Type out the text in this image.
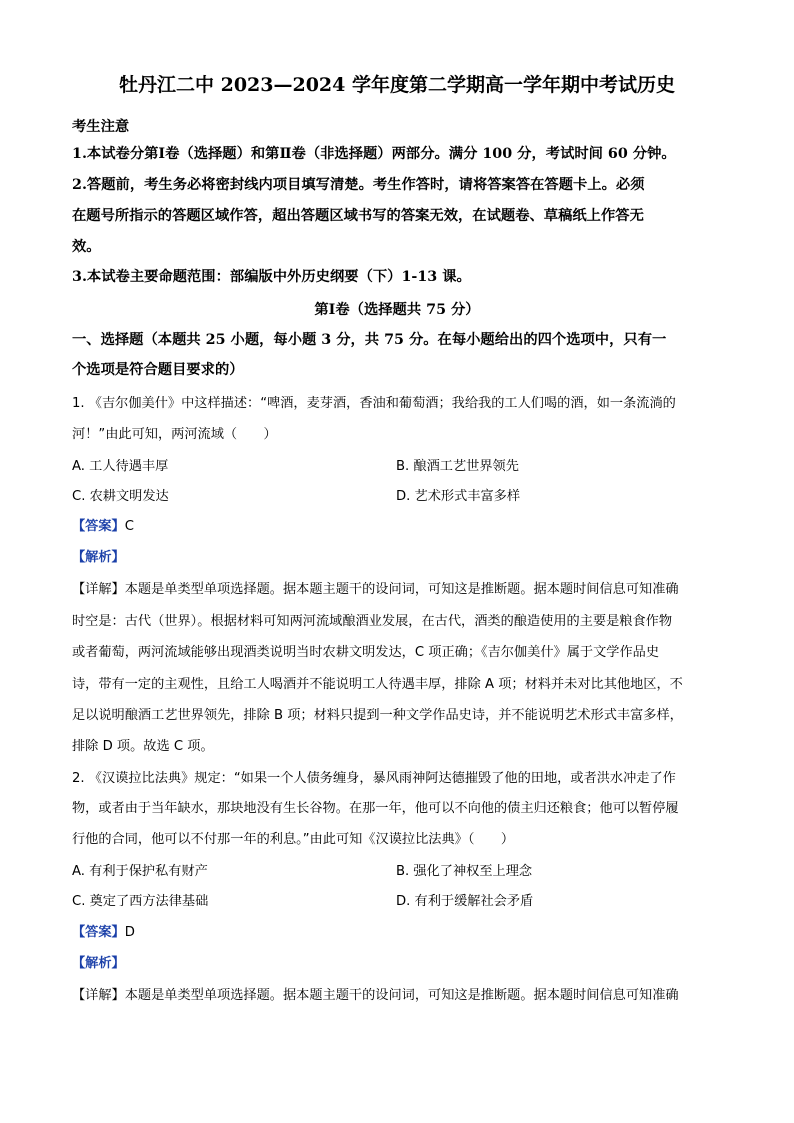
牡丹江二中 2023—2024 学年度第二学期高一学年期中考试历史
考生注意
1.本试卷分第Ⅰ卷（选择题）和第Ⅱ卷（非选择题）两部分。满分 100 分，考试时间 60 分钟。
2.答题前，考生务必将密封线内项目填写清楚。考生作答时，请将答案答在答题卡上。必须
在题号所指示的答题区域作答，超出答题区域书写的答案无效，在试题卷、草稿纸上作答无
效。
3.本试卷主要命题范围：部编版中外历史纲要（下）1-13 课。
第Ⅰ卷（选择题共 75 分）
一、选择题（本题共 25 小题，每小题 3 分，共 75 分。在每小题给出的四个选项中，只有一
个选项是符合题目要求的）
1. 《吉尔伽美什》中这样描述：“啤酒，麦芽酒，香油和葡萄酒；我给我的工人们喝的酒，如一条流淌的
河！”由此可知，两河流域（　　）
A. 工人待遇丰厚	B. 酿酒工艺世界领先
C. 农耕文明发达	D. 艺术形式丰富多样
【答案】C
【解析】
【详解】本题是单类型单项选择题。据本题主题干的设问词，可知这是推断题。据本题时间信息可知准确
时空是：古代（世界）。根据材料可知两河流域酿酒业发展，在古代，酒类的酿造使用的主要是粮食作物
或者葡萄，两河流域能够出现酒类说明当时农耕文明发达，C 项正确；《吉尔伽美什》属于文学作品史
诗，带有一定的主观性，且给工人喝酒并不能说明工人待遇丰厚，排除 A 项；材料并未对比其他地区，不
足以说明酿酒工艺世界领先，排除 B 项；材料只提到一种文学作品史诗，并不能说明艺术形式丰富多样，
排除 D 项。故选 C 项。
2. 《汉谟拉比法典》规定：“如果一个人债务缠身，暴风雨神阿达德摧毁了他的田地，或者洪水冲走了作
物，或者由于当年缺水，那块地没有生长谷物。在那一年，他可以不向他的债主归还粮食；他可以暂停履
行他的合同，他可以不付那一年的利息。”由此可知《汉谟拉比法典》（　　）
A. 有利于保护私有财产	B. 强化了神权至上理念
C. 奠定了西方法律基础	D. 有利于缓解社会矛盾
【答案】D
【解析】
【详解】本题是单类型单项选择题。据本题主题干的设问词，可知这是推断题。据本题时间信息可知准确
